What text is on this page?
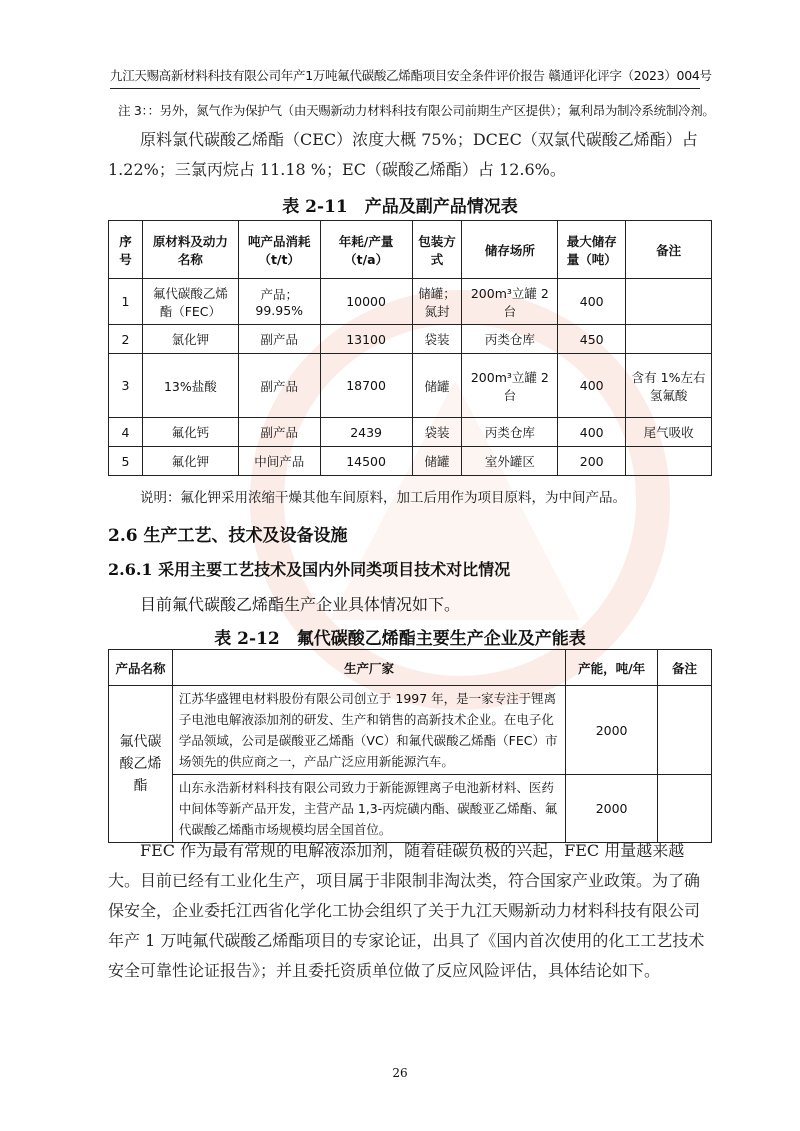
九江天赐高新材料科技有限公司年产1万吨氟代碳酸乙烯酯项目安全条件评价报告 赣通评化评字（2023）004号
注 3：：另外，氮气作为保护气（由天赐新动力材料科技有限公司前期生产区提供）；氟利昂为制冷系统制冷剂。
原料氯代碳酸乙烯酯（CEC）浓度大概 75%；DCEC（双氯代碳酸乙烯酯）占 1.22%；三氯丙烷占 11.18 %；EC（碳酸乙烯酯）占 12.6%。
表 2-11　产品及副产品情况表
序号	原材料及动力名称	吨产品消耗（t/t）	年耗/产量（t/a）	包装方式	储存场所	最大储存量（吨）	备注
1	氟代碳酸乙烯酯（FEC）	产品；99.95%	10000	储罐；氮封	200m³立罐 2 台	400	
2	氯化钾	副产品	13100	袋装	丙类仓库	450	
3	13%盐酸	副产品	18700	储罐	200m³立罐 2 台	400	含有 1%左右氢氟酸
4	氟化钙	副产品	2439	袋装	丙类仓库	400	尾气吸收
5	氟化钾	中间产品	14500	储罐	室外罐区	200	
说明：氟化钾采用浓缩干燥其他车间原料，加工后用作为项目原料，为中间产品。
2.6 生产工艺、技术及设备设施
2.6.1 采用主要工艺技术及国内外同类项目技术对比情况
目前氟代碳酸乙烯酯生产企业具体情况如下。
表 2-12　氟代碳酸乙烯酯主要生产企业及产能表
产品名称	生产厂家	产能，吨/年	备注
氟代碳酸乙烯酯	江苏华盛锂电材料股份有限公司创立于 1997 年，是一家专注于锂离子电池电解液添加剂的研发、生产和销售的高新技术企业。在电子化学品领域，公司是碳酸亚乙烯酯（VC）和氟代碳酸乙烯酯（FEC）市场领先的供应商之一，产品广泛应用新能源汽车。	2000	
	山东永浩新材料科技有限公司致力于新能源锂离子电池新材料、医药中间体等新产品开发，主营产品 1,3-丙烷磺内酯、碳酸亚乙烯酯、氟代碳酸乙烯酯市场规模均居全国首位。	2000	
FEC 作为最有常规的电解液添加剂，随着硅碳负极的兴起，FEC 用量越来越大。目前已经有工业化生产，项目属于非限制非淘汰类，符合国家产业政策。为了确保安全，企业委托江西省化学化工协会组织了关于九江天赐新动力材料科技有限公司年产 1 万吨氟代碳酸乙烯酯项目的专家论证，出具了《国内首次使用的化工工艺技术安全可靠性论证报告》；并且委托资质单位做了反应风险评估，具体结论如下。
26
